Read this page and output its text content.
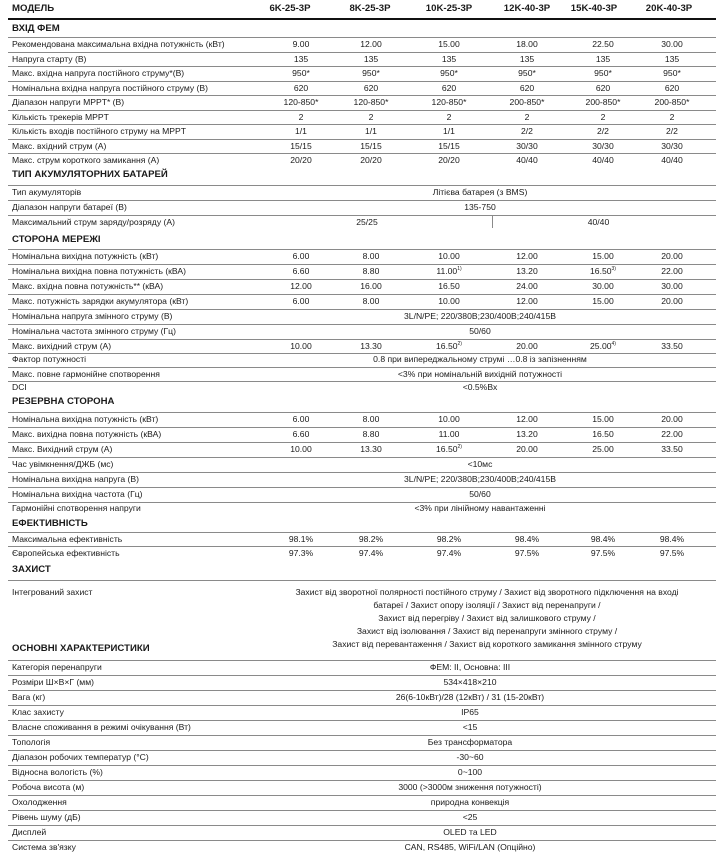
МОДЕЛЬ	6K-25-3P	8K-25-3P	10K-25-3P	12K-40-3P	15K-40-3P	20K-40-3P
ВХІД ФЕМ
Рекомендована максимальна вхідна потужність (кВт)	9.00	12.00	15.00	18.00	22.50	30.00
Напруга старту (В)	135	135	135	135	135	135
Макс. вхідна напруга постійного струму*(В)	950*	950*	950*	950*	950*	950*
Номінальна вхідна напруга постійного струму (В)	620	620	620	620	620	620
Діапазон напруги MPPT* (В)	120-850*	120-850*	120-850*	200-850*	200-850*	200-850*
Кількість трекерів MPPT	2	2	2	2	2	2
Кількість входів постійного струму на MPPT	1/1	1/1	1/1	2/2	2/2	2/2
Макс. вхідний струм (А)	15/15	15/15	15/15	30/30	30/30	30/30
Макс. струм короткого замикання (А)	20/20	20/20	20/20	40/40	40/40	40/40
ТИП АКУМУЛЯТОРНИХ БАТАРЕЙ
Тип акумуляторів	Літієва батарея (з BMS)
Діапазон напруги батареї (В)	135-750
Максимальний струм заряду/розряду (А)	25/25	40/40
СТОРОНА МЕРЕЖІ
Номінальна вихідна потужність (кВт)	6.00	8.00	10.00	12.00	15.00	20.00
Номінальна вихідна повна потужність (кВА)	6.60	8.80	11.00$^{1)}$	13.20	16.50$^{3)}$	22.00
Макс. вхідна повна потужність** (кВА)	12.00	16.00	16.50	24.00	30.00	30.00
Макс. потужність зарядки акумулятора (кВт)	6.00	8.00	10.00	12.00	15.00	20.00
Номінальна напруга змінного струму (В)	3L/N/PE; 220/380B;230/400B;240/415B
Номінальна частота змінного струму (Гц)	50/60
Макс. вихідний струм (А)	10.00	13.30	16.50$^{2)}$	20.00	25.00$^{4)}$	33.50
Фактор потужності	0.8 при випереджальному струмі …0.8 із запізненням
Макс. повне гармонійне спотворення	<3% при номінальній вихідній потужності
DCI	<0.5%Вх
РЕЗЕРВНА СТОРОНА
Номінальна вихідна потужність (кВт)	6.00	8.00	10.00	12.00	15.00	20.00
Макс. вихідна повна потужність (кВА)	6.60	8.80	11.00	13.20	16.50	22.00
Макс. Вихідний струм (А)	10.00	13.30	16.50$^{2)}$	20.00	25.00	33.50
Час увімкнення/ДЖБ (мс)	<10мс
Номінальна вихідна напруга (В)	3L/N/PE; 220/380B;230/400B;240/415B
Номінальна вихідна частота (Гц)	50/60
Гармонійні спотворення напруги	<3% при лінійному навантаженні
ЕФЕКТИВНІСТЬ
Максимальна ефективність	98.1%	98.2%	98.2%	98.4%	98.4%	98.4%
Європейська ефективність	97.3%	97.4%	97.4%	97.5%	97.5%	97.5%
ЗАХИСТ
Інтегрований захист	Захист від зворотної полярності постійного струму / Захист від зворотного підключення на вході
батареї / Захист опору ізоляції / Захист від перенапруги /
Захист від перегріву / Захист від залишкового струму /
Захист від ізолювання / Захист від перенапруги змінного струму /
Захист від перевантаження / Захист від короткого замикання змінного струму
ОСНОВНІ ХАРАКТЕРИСТИКИ
Категорія перенапруги	ФЕМ: II, Основна: III
Розміри Ш×В×Г (мм)	534×418×210
Вага (кг)	26(6-10кВт)/28 (12кВт) / 31 (15-20кВт)
Клас захисту	IP65
Власне споживання в режимі очікування (Вт)	<15
Топологія	Без трансформатора
Діапазон робочих температур (°C)	-30~60
Відносна вологість (%)	0~100
Робоча висота (м)	3000 (>3000м зниження потужності)
Охолодження	природна конвекція
Рівень шуму (дБ)	<25
Дисплей	OLED та LED
Система зв'язку	CAN, RS485, WiFi/LAN (Опційно)
